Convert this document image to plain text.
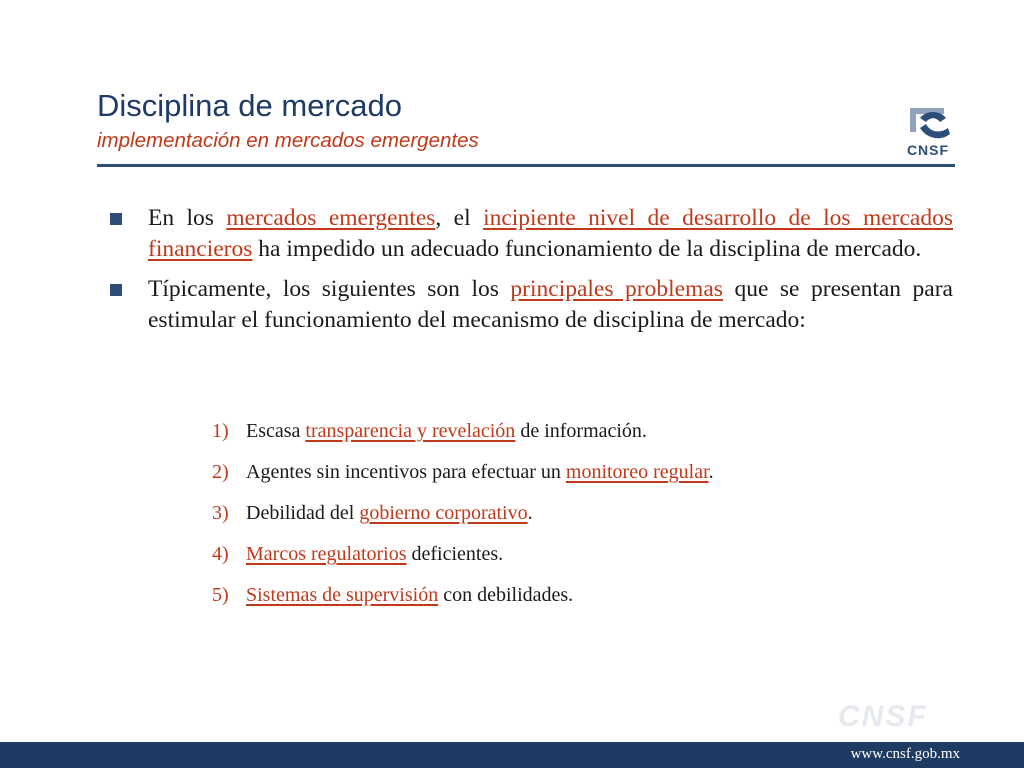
Disciplina de mercado
implementación en mercados emergentes	CNSF
En los mercados emergentes, el incipiente nivel de desarrollo de los mercados financieros ha impedido un adecuado funcionamiento de la disciplina de mercado.
Típicamente, los siguientes son los principales problemas que se presentan para estimular el funcionamiento del mecanismo de disciplina de mercado:
1) Escasa transparencia y revelación de información.
2) Agentes sin incentivos para efectuar un monitoreo regular.
3) Debilidad del gobierno corporativo.
4) Marcos regulatorios deficientes.
5) Sistemas de supervisión con debilidades.
CNSF
www.cnsf.gob.mx
